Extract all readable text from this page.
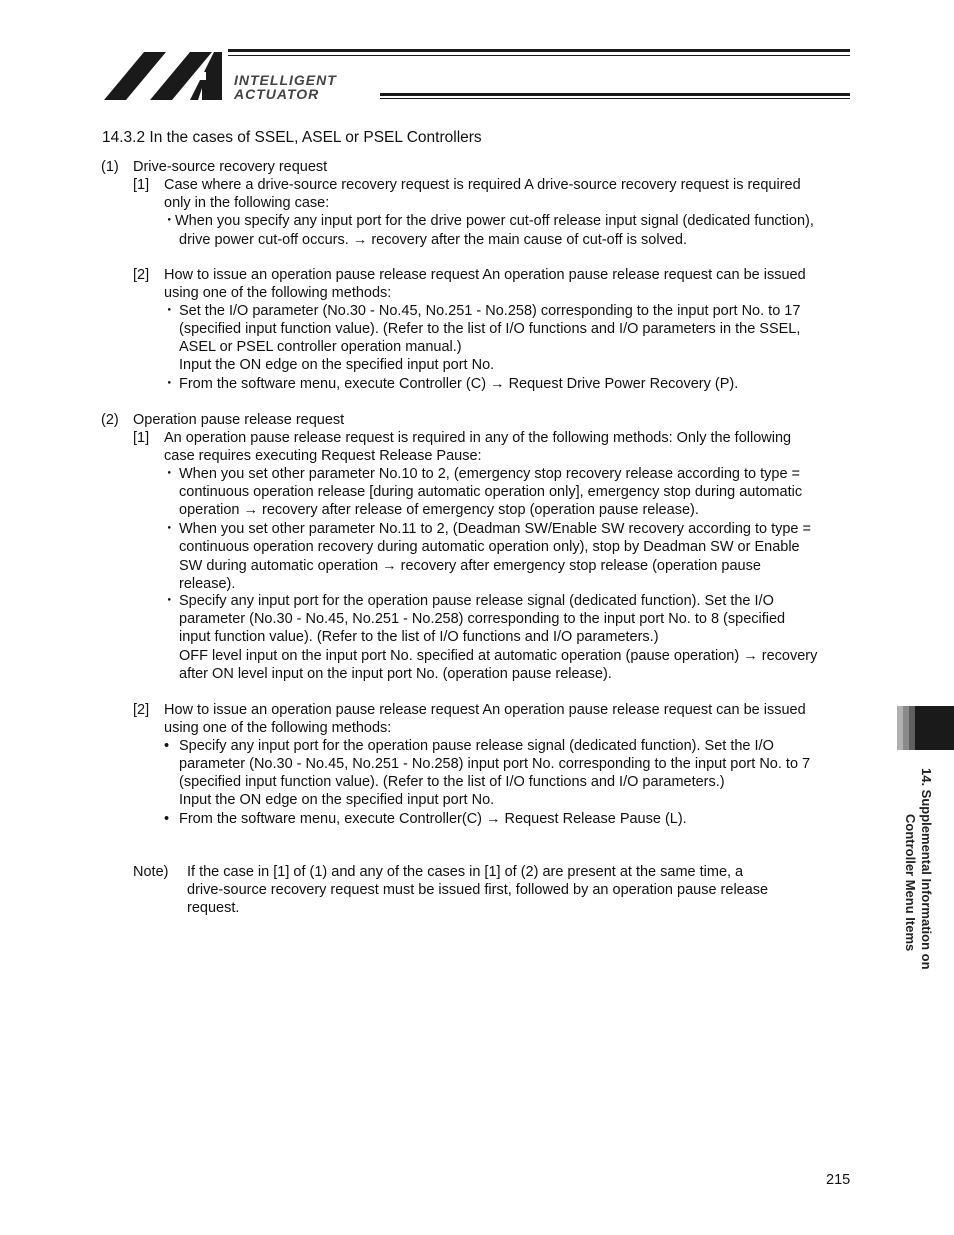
INTELLIGENT
ACTUATOR
14.3.2 In the cases of SSEL, ASEL or PSEL Controllers
(1) Drive-source recovery request
[1] Case where a drive-source recovery request is required A drive-source recovery request is required
only in the following case:
・
When you specify any input port for the drive power cut-off release input signal (dedicated function),
drive power cut-off occurs. → recovery after the main cause of cut-off is solved.
[2] How to issue an operation pause release request An operation pause release request can be issued
using one of the following methods:
・ Set the I/O parameter (No.30 - No.45, No.251 - No.258) corresponding to the input port No. to 17
(specified input function value). (Refer to the list of I/O functions and I/O parameters in the SSEL,
ASEL or PSEL controller operation manual.)
Input the ON edge on the specified input port No.
・ From the software menu, execute Controller (C) → Request Drive Power Recovery (P).
(2) Operation pause release request
[1] An operation pause release request is required in any of the following methods: Only the following
case requires executing Request Release Pause:
・ When you set other parameter No.10 to 2, (emergency stop recovery release according to type =
continuous operation release [during automatic operation only], emergency stop during automatic
operation → recovery after release of emergency stop (operation pause release).
・ When you set other parameter No.11 to 2, (Deadman SW/Enable SW recovery according to type =
continuous operation recovery during automatic operation only), stop by Deadman SW or Enable
SW during automatic operation → recovery after emergency stop release (operation pause
release).
・ Specify any input port for the operation pause release signal (dedicated function). Set the I/O
parameter (No.30 - No.45, No.251 - No.258) corresponding to the input port No. to 8 (specified
input function value). (Refer to the list of I/O functions and I/O parameters.)
OFF level input on the input port No. specified at automatic operation (pause operation) → recovery
after ON level input on the input port No. (operation pause release).
[2] How to issue an operation pause release request An operation pause release request can be issued
using one of the following methods:
• Specify any input port for the operation pause release signal (dedicated function). Set the I/O
parameter (No.30 - No.45, No.251 - No.258) input port No. corresponding to the input port No. to 7
(specified input function value). (Refer to the list of I/O functions and I/O parameters.)
Input the ON edge on the specified input port No.
• From the software menu, execute Controller(C) → Request Release Pause (L).
Note) If the case in [1] of (1) and any of the cases in [1] of (2) are present at the same time, a
drive-source recovery request must be issued first, followed by an operation pause release
request.	14. Supplemental Information on
Controller Menu Items
215
